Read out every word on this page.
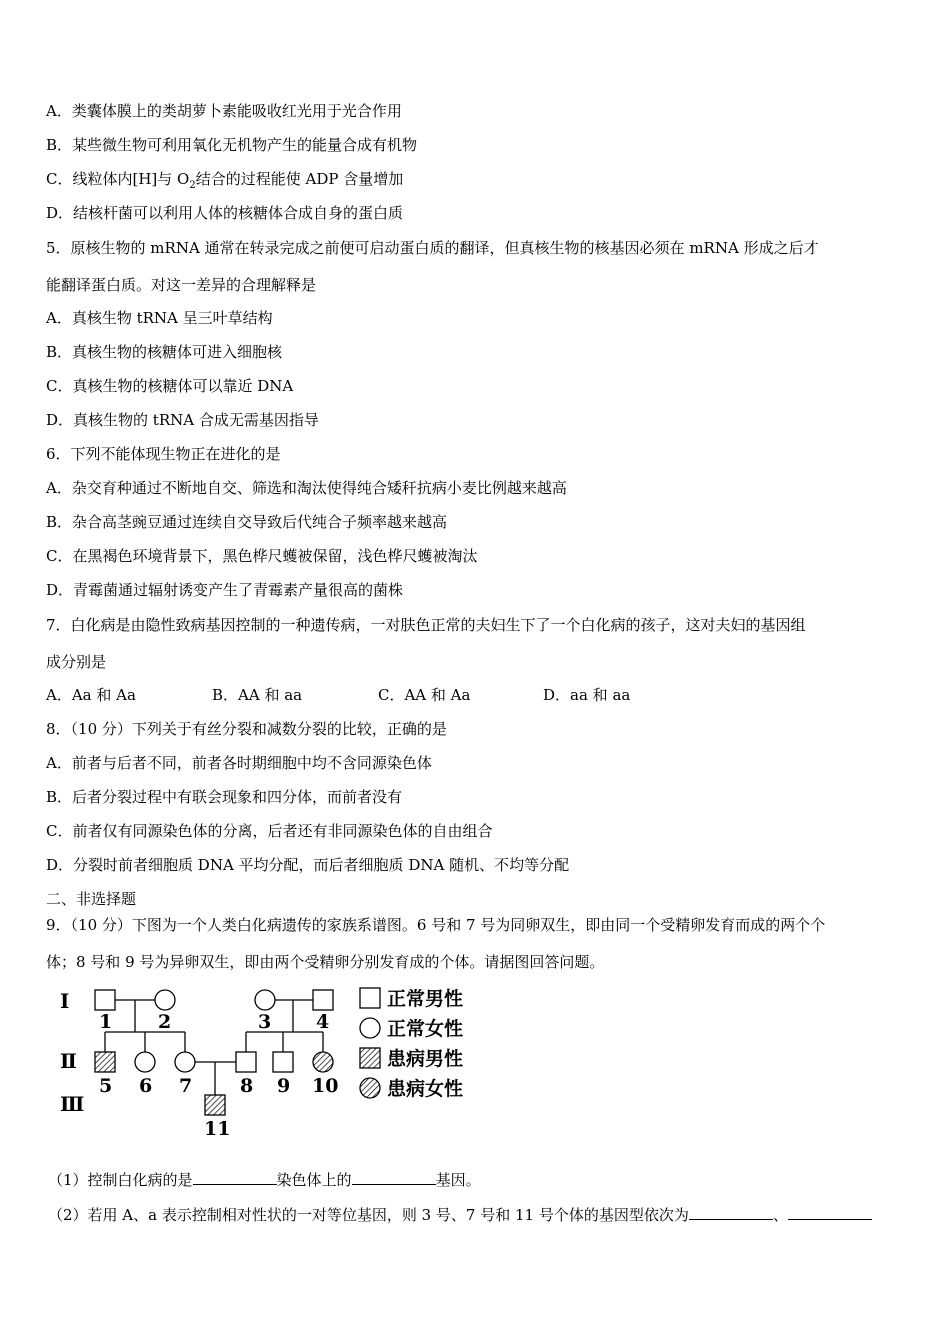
A．类囊体膜上的类胡萝卜素能吸收红光用于光合作用
B．某些微生物可利用氧化无机物产生的能量合成有机物
C．线粒体内[H]与 $O_2$结合的过程能使 ADP 含量增加
D．结核杆菌可以利用人体的核糖体合成自身的蛋白质
5．原核生物的 mRNA 通常在转录完成之前便可启动蛋白质的翻译，但真核生物的核基因必须在 mRNA 形成之后才
能翻译蛋白质。对这一差异的合理解释是
A．真核生物 tRNA 呈三叶草结构
B．真核生物的核糖体可进入细胞核
C．真核生物的核糖体可以靠近 DNA
D．真核生物的 tRNA 合成无需基因指导
6．下列不能体现生物正在进化的是
A．杂交育种通过不断地自交、筛选和淘汰使得纯合矮秆抗病小麦比例越来越高
B．杂合高茎豌豆通过连续自交导致后代纯合子频率越来越高
C．在黑褐色环境背景下，黑色桦尺蠖被保留，浅色桦尺蠖被淘汰
D．青霉菌通过辐射诱变产生了青霉素产量很高的菌株
7．白化病是由隐性致病基因控制的一种遗传病，一对肤色正常的夫妇生下了一个白化病的孩子，这对夫妇的基因组
成分别是
A．Aa 和 Aa	B．AA 和 aa	C．AA 和 Aa	D．aa 和 aa
8．（10 分）下列关于有丝分裂和减数分裂的比较，正确的是
A．前者与后者不同，前者各时期细胞中均不含同源染色体
B．后者分裂过程中有联会现象和四分体，而前者没有
C．前者仅有同源染色体的分离，后者还有非同源染色体的自由组合
D．分裂时前者细胞质 DNA 平均分配，而后者细胞质 DNA 随机、不均等分配
二、非选择题
9．（10 分）下图为一个人类白化病遗传的家族系谱图。6 号和 7 号为同卵双生，即由同一个受精卵发育而成的两个个
体；8 号和 9 号为异卵双生，即由两个受精卵分别发育成的个体。请据图回答问题。
Ⅰ
Ⅱ
Ⅲ
1 2	3 4
5 6 7	8 9 10
11
正常男性
正常女性
患病男性
患病女性
（1）控制白化病的是	染色体上的	基因。
（2）若用 A、a 表示控制相对性状的一对等位基因，则 3 号、7 号和 11 号个体的基因型依次为	、
